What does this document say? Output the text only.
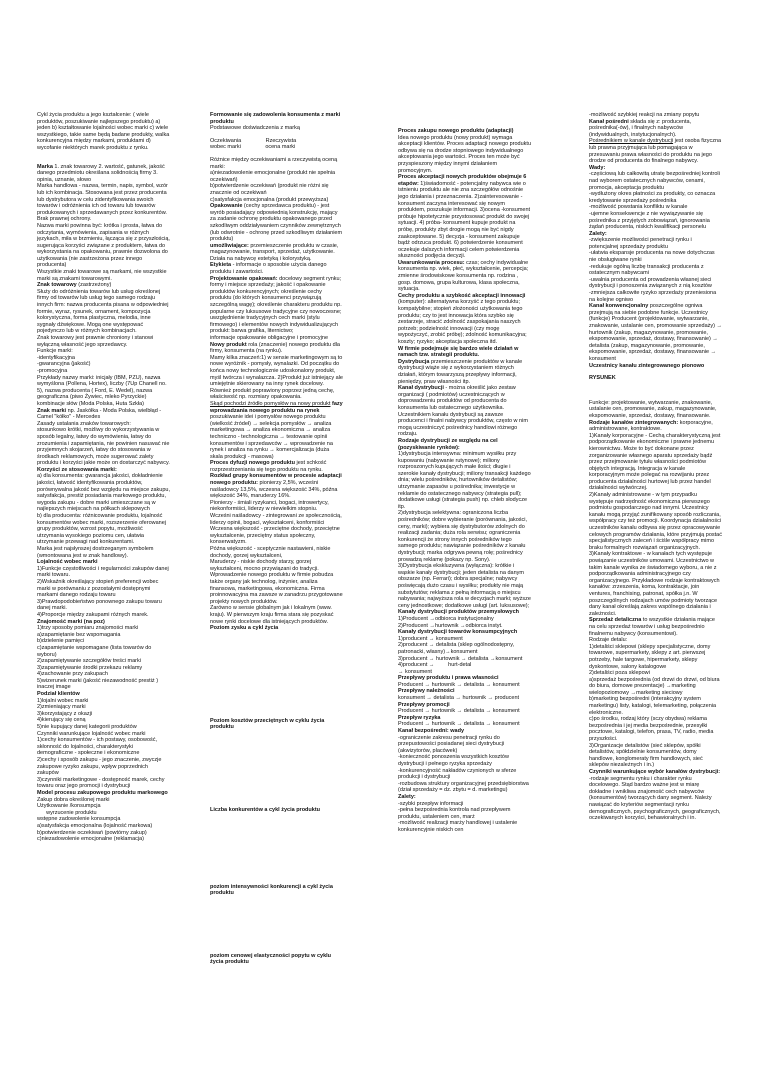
Cykl życia produktu a jego kształcenie: ( wiele produktów, poszukiwanie najlepszego produktu) a) jeden b) kształtowanie lojalności wobec marki c) wiele wszystkiego, takie same będą badane produkty, walka konkurencyjna między markami, produktami d) wycofanie niektórych marek produktu z rynku.

Marka 1. znak towarowy 2. wartość, gatunek, jakość danego przedmiotu określana solidnością firmy 3. opinia, uznanie, słowo
Marka handlowa - nazwa, termin, napis, symbol, wzór lub ich kombinacja. Stosowana jest przez producenta lub dystrybutora w celu zidentyfikowania swoich towarów i odróżnienia ich od towaru lub towarów produkowanych i sprzedawanych przez konkurentów. Brak prawnej ochrony.
Nazwa marki powinna być: krótka i prosta, łatwa do odczytania, wymówienia, zapisania w różnych językach, miła w brzmieniu, łącząca się z przyszłością, sugerująca korzyści związane z produktem, łatwa do wykorzystania na opakowaniu, prawnie dozwolona do użytkowania (nie zastrzeżona przez innego producenta)
Wszystkie znaki towarowe są markami, nie wszystkie marki są znakami towarowymi.

Znak towarowy (zastrzeżony)
Służy do odróżnienia towarów lub usług określonej firmy od towarów lub usług tego samego rodzaju innych firm: nazwa producenta pisana w odpowiedniej formie, wyraz, rysunek, ornament, kompozycja kolorystyczna, forma plastyczna, melodia, inne sygnały dźwiękowe. Mogą one występować pojedynczo lub w różnych kombinacjach.
Znak towarowy jest prawnie chroniony i stanowi wyłączną własność jego sprzedawcy.
Funkcje marki:
-identyfikacyjna
-gwarancyjna (jakość)
-promocyjna
Przykłady nazwy marki: inicjały (IBM, PZU), nazwa wymyślona (Pollena, Hortex), liczby (7Up Chanell no. 5), nazwa producenta ( Ford, E. Wedel), nazwa geograficzna (piwo Żywiec, mleko Pyrzyckie) kombinacje słów (Moda Polska, Huta Szkła)

Znak marki np. Jaskółka - Moda Polska, wielbłąd - Camel "kółko" - Mercedes
Zasady ustalania znaków towarowych:
stosunkowo krótki, możliwy do wykorzystywania w sposób legalny, łatwy do wymówienia, łatwy do zrozumienia i zapamiętania, nie powinien nasuwać nie przyjemnych skojarzeń, łatwy do stosowania w środkach reklamowych, może sugerować zalety produktu i korzyści jakie może on dostarczyć nabywcy.

Korzyści ze stosowania marki:

a) dla konsumenta: gwarancja jakości, dokładnienie jakości, łatwość identyfikowania produktów, porównywalna jakość bez względu na miejsce zakupu, satysfakcja, prestiż posiadania markowego produktu, wygoda zakupu - dobre marki umieszczane są w najlepszych miejscach na półkach sklepowych
b) dla producenta: różnicowanie produktu, lojalność konsumentów wobec marki, rozszerzenie oferowanej grupy produktów, wzrost popytu, możliwość utrzymania wysokiego poziomu cen, ułatwia utrzymanie przewagi nad konkurentami.
Marka jest najsłynszej dostrzeganym symbolem (wmontowana jest w znak handlowy).

Lojalność wobec marki

1)Funkcje częstotliwości i regularności zakupów danej marki towaru.
2)Wskaźnik określający stopień preferencji wobec marki w porównaniu z pozostałymi dostępnymi markami danego rodzaju towaru
3)Prawdopodobieństwo ponownego zakupu towaru danej marki.
4)Proporcje między zakupami różnych marek.

Znajomość marki (na poz)

1)trzy sposoby pomiaru znajomości marki
a)zapamiętanie bez wspomagania
b)dzielenie pamięci
c)zapamiętanie wspomagane (lista towarów do wyboru)
2)zapamiętywanie szczegółów treści marki
3)zapamiętywanie środki przekazu reklamy
4)zachowanie przy zakupach
5)wizerunek marki (jakość niezawodność prestiż ) inaczej image

Podział klientów

1)lojalni wobec marki
2)zmieniający marki
3)korzystający z okazji
4)kierujący się ceną
5)nie kupujący danej kategorii produktów
Czynniki warunkujące lojalność wobec marki
1)cechy konsumentów - ich postawy, osobowość, skłonność do lojalności, charakterystyki demograficzne - społeczne i ekonomiczne
2)cechy i sposób zakupu - jego znaczenie, zwyczje zakupowe ryzyko zakupu, wpływ poprzednich zakupów
3)czynniki marketingowe - dostępność marek, cechy towaru oraz jego promocji i dystrybucji

Model procesu zakupowego produktu markowego

Zakup dobra określonej marki
Użytkowanie /konsumpcja
wyrzucenie produktu
wstępne zadowolenie konsumpcja
a)satysfakcja emocjonalna (lojalność markowa)
b)potwierdzenie oczekiwań (powtórny zakup)
c)niezadowolenie emocjonalne (reklamacja)

Formowanie się zadowolenia konsumenta z marki produktu

Podstawowe doświadczenia z marką

Oczekiwania                Rzeczywista
wobec marki                ocena marki

Różnice między oczekiwaniami a rzeczywistą oceną marki:
a)niezadowolenie emocjonalne (produkt nie spełnia oczekiwań)
b)potwierdzenie oczekiwań (produkt nie różni się znacznie od oczekiwań
c)satysfakcja emocjonalna (produkt przewyższa)

Opakowanie (cechy sprzedawca produktu) - jest wyrób posiadający odpowiednią konstrukcję, mający za zadanie ochronę produktu opakowanego przed szkodliwym oddziaływaniem czynników zewnętrznych (lub odwrotnie - ochronę przed szkodliwym działaniem produktu)

umożliwiające: przemieszczenie produktu w czasie, magazynowanie, transport, sprzedaż, użytkowanie. Działa na nabywcę estetyką i kolorystyką.

Etykieta - informacje o sposobie użycia danego produktu i zawartości.

Projektowanie opakowań: docelowy segment rynku; formy i miejsce sprzedaży; jakość i opakowanie produktów konkurencyjnych; określenie cechy produktu (do których konsumenci przywiązują szczególną wagę); określenie charakteru produktu np. popularne czy luksusowe tradycyjne czy nowoczesne; uwzględnienie tradycyjnych cech marki (stylu firmowego) i elementów nowych indywidualizujących produkt: barwa grafika, liternictwo;
informacje opakowanie obligacyjne i promocyjne

Nowy produkt rola (znaczenie) nowego produktu dla firmy, konsumenta (na rynku).
Mamy kilka znaczeń:1) w sensie marketingowym są to nowe wyróżnik - pomysły, wynalazki. Od początku do końca nowy technologicznie udoskonalony produkt, myśl twórcza i wynalazcza. 2)Produkt już istniejący ale umiejętnie skierowany na inny rynek docelowy. Również produkt poprawiony poprzez jedną cechę, właściwość np. rozmiary opakowania.

Skąd pochodzi źródło pomysłów na nowy produkt fazy wprowadzania nowego produktu na rynek poszukiwanie idei i pomysłów nowego produktu (wielkość źródeł) → selekcja pomysłów → analiza marketingowa → analiza ekonomiczna → analiza techniczno - technologiczna → testowanie opinii konsumentów i sprzedawców → wprowadzenie na rynek i analiza na rynku → komercjalizacja (duża skala produkcji - masowa)

Proces dyfuzji nowego produktu jest schkość rozprzestrzeniania się tego produktu na rynku.

Rozkład grupy konsumentów w procesie adaptacji nowego produktu: pionierzy 2,5%, wcześni naśladowcy 13,5%, wczesna większość 34%, późna większość 34%, maruderzy 16%.
Pionierzy - śmiali ryzykanci, bogaci, introwertycy, niekonformiści, liderzy w niewielkim stopniu.
Wcześni naśladowcy - zintegrowani ze społecznością, liderzy opinii, bogaci, wykształceni, konformiści
Wczesna większość - przeciętne dochody, przeciętne wykształcenie, przeciętny status społeczny, konserwatyzm.
Późna większość - sceptycznie nastawieni, niskie dochody, gorzej wykształceni,
Maruderzy - niskie dochody starzy, gorzej wykształceni, mocno przywiązani do tradycji.
Wprowadzenie nowego produktu w firmie pobudza także organy jak technolog, inżynier, analiza finansowa, marketingowa, ekonomiczna. Firma proinnowacyjna ma zawsze w zanadrzu przygotowane projekty nowych produktów.
Zarówno w sensie globalnym jak i lokalnym (www. kraju). W pierwszym kraju firma stara się pozyskać nowe rynki docelowe dla istniejących produktów.

Poziom zysku a cykl życia

Poziom kosztów przeciętnych w cyklu życia produktu

Liczba konkurentów a cykl życia produktu

poziom intensywności konkurencji a cykl życia produktu

poziom cenowej elastyczności popytu w cyklu życia produktu

Proces zakupu nowego produktu (adaptacji)

Idea nowego produktu (nowy produkt) wymaga akceptacji klientów. Proces adaptacji nowego produktu odbywa się na drodze stopniowego indywidualnego akceptowania jego wartości. Proces ten może być przyspieszony między innymi działaniem promocyjnym.

Proces akceptacji nowych produktów obejmuje 6 etapów: 1)świadomość - potencjalny nabywca wie o istnieniu produktu ale nie zna szczegółów odnośnie jego działania i przeznaczenia. 2)zainteresowanie - konsument zaczyna interesować się nowym produktem, poszukuje informacji. 3)ocena -konsument próbuje hipotetycznie przystosować produkt do swojej sytuacji. 4) próba- konsument kupuje produkt na próbę, produkty zbyt drogie mogą nie być nigdy zaakceptowane. 5) decyzja - konsument zakupuje bądź odrzuca produkt. 6) potwierdzenie konsument oczekuje dalszych informacji celem potwierdzenia słuszności podjęcia decyzji.

Uwarunkowania procesu: czas; cechy indywidualne konsumenta np. wiek, płeć, wykształcenie, percepcja; zmienne środowiskowe konsumenta np. rodzina , gosp. domowa, grupa kulturowa, klasa społeczna, sytuacja.

Cechy produktu a szybkość akceptacji innowacji (komputer): alternatywna korzyść z tego produktu; kompatybilne; stopień złożoności użytkowania tego produktu; czy to jest innowacja która szybko się zestarzeje, stracić zdolność zaspokajania naszych potrzeb; podzielność innowacji (czy mogę wypożyczyć, zrobić próbę); zdolność komunikacyjna; koszty; ryzyko; akceptacja społeczna itd.

W firmie podejmuje się bardzo wiele działań w ramach tzw. strategii produktu.

Dystrybucja przemieszczenie produktów w kanale dystrybucji wiąże się z wykorzystaniem różnych działań, którym towarzyszą przepływy informacji, pieniędzy, praw własności itp.

Kanał dystrybucji - można określić jako zestaw organizacji ( podmiotów) uczestniczących w doprowadzeniu produktów od producenta do konsumenta lub ostatecznego użytkownika. Uczestnikiem kanału dystrybucji są zawsze producenci i finalni nabywcy produktów, często w nim mogą uczestniczyć pośrednicy handlowi różnego rodzaju.

Rodzaje dystrybucji ze względu na cel (pozyskiwanie rynków):

1)dystrybucja intensywna: minimum wysiłku przy kupowaniu (nabywanie rutynowe); miliony rozproszonych kupujących małe ilości; długie i szerokie kanały dystrybucji; miliony transakcji każdego dnia; wielu pośredników, hurtowników detalistów; utrzymanie zapasów u pośrednika; inwestycje w reklamie do ostatecznego nabywcy (strategia pull); dodatkowe usługi (strategia push) np. chleb słodycze itp.
2)dystrybucja selektywna: ograniczona liczba pośredników; dobre wybieranie (porównania, jakości, ceny, marki); wybiera się dystrybutorów zdolnych do realizacji zadania; duża rola serwisu; ograniczenia konkurencji że strony innych pośredników tego samego produktu; nawiązanie pośredników z kanału dystrybucji; marka odgrywa pewną rolę; pośrednicy prowadzą reklamę (pokazy np. Sony).
3)Dystrybucja ekskluzywna (wyłączna): krótkie i wąskie kanały dystrybucji; jeden detalista na danym obszarze (np. Ferrari); dobra specjalne; nabywcy poświęcają dużo czasu i wysiłku; produkty nie mają substytutów; reklama z pełną informacją o miejscu nabywania; najwyższa rola w decyzjach marki; wyższe ceny jednostkowe; dodatkowe usługi (art. luksusowe);

Kanały dystrybucji produktów przemysłowych

1)Producent →odbiorca instytucjonalny
2)Producent →hurtownik →odbiorca instyt.

Kanały dystrybucji towarów konsumpcyjnych

1)producent → konsument
2)producent → detalista (sklep ogólnodostępny, patronacki, własny)→konsument
3)producent → hurtownik → detalista →konsument
4)producent →         hurt-detal
→ konsument

Przepływy produktu i prawa własności

Producent → hurtownik → detalista → konsument

Przepływy należności

konsument → detalista → hurtownik → producent

Przepływy promocji

Producent → hurtownik → detalista → konsument

Przepływ ryzyka

Producent → hurtownik → detalista → konsument

Kanał bezpośredni: wady

-ograniczenie zakresu penetracji rynku do przepustowości posiadanej sieci dystrybucji (akwizytorów, placówek)
-konieczność ponoszenia wszystkich kosztów dystrybucji i pełnego ryzyka sprzedaży
-konkurencyjność nakładów czynionych w sferze produkcji i dystrybucji
-rozbudowa struktury organizacyjnej przedsiębiorstwa (dział sprzedaży = dz. zbytu = d. marketingu)

Zalety:

-szybki przepływ informacji
-pełna bezpośrednia kontrola nad przepływem produktu, ustaleniem cen, marż
-możliwość realizacji marży handlowej i ustalenie konkurencyjnie niskich cen

-możliwość szybkiej reakcji na zmiany popytu

Kanał pośredni składa się z: producenta, pośrednika(-ów), i finalnych nabywców (indywidualnych, instytucjonalnych).

Pośrednikiem w kanale dystrybucji jest osoba fizyczna lub prawna przyjmująca lub pomagająca w przesuwaniu prawa własności do produktu na jego drodze od producenta do finalnego nabywcy.

Wady:

-częściową lub całkowitą utratę bezpośredniej kontroli nad wyborem ostatecznych nabywców, cenami, promocja, akceptacja produktu
-wydłużony okres płatności za produkty, co oznacza kredytowanie sprzedaży pośrednika
-możliwość powstania konfliktu w kanale
-ujemne konsekwencje z nie wywiązywanie się pośrednika z przyjętych zobowiązań, ignorowania żądań producenta, niskich kwalifikacji personelu

Zalety:

-zwiększenie możliwości penetracji rynku i potencjalnej sprzedaży produktu
-ułatwia ekspansje producenta na nowe dotychczas nie obsługiwane rynki
-redukuje ogólną liczbę transakcji producenta z ostatecznym nabywcami
-uwalnia producenta od prowadzenia własnej sieci dystrybucji i ponoszenia związanych z nią kosztów
-zmniejsza całkowite ryzyko sprzedaży przeniesiona na kolejne ogniwo

Kanał konwencjonalny poszczególne ogniwa przejmują na siebie podobne funkcje. Uczestnicy (funkcje) Producent (projektowanie, wytwarzanie, znakowanie, ustalanie cen, promowanie sprzedaży) → hurtownik (zakup, magazynowanie, promowanie, ekspomowanie, sprzedaż, dostawy, finansowanie) → detalista (zakup, magazynowanie, promowanie, ekspomowanie, sprzedaż, dostawy, finansowanie → konsument

Uczestnicy kanału zintegrowanego pionowo

RYSUNEK

Funkcje: projektowanie, wytwarzanie, znakowanie, ustalanie cen, promowanie, zakup, magazynowanie, ekspomowanie, sprzedaż, dostawy, finansowanie.

Rodzaje kanałów zintegrowanych: korporacyjne, administrowane, kontraktowe.
1)Kanały korporacyjne - Cechą charakterystyczną jest podporządkowanie ekonomiczne i prawne jednemu kierownictwu. Może to być dokonane przez zorganizowanie własnego aparatu sprzedaży bądź przez przejmowanie tytułu własności podmiotów objętych integracją. Integracja w kanale korporacyjnym może polegać na rozwijaniu przez producenta działalności hurtowej lub przez handel działalności wytwórczej.
2)Kanały administrowane - w tym przypadku występuje nadrzędność ekonomiczna pierwszego podmiotu gospodarczego nad innymi. Uczestnicy kanału mogą przyjąć zunifikowany sposób rozliczania, współpracy czy też promocji. Koordynacja działalności uczestników kanału odbywa się przez opracowywanie celowych programów działania, które przyjmują postać specjalistycznych zaleceń i ściśle współpracy mimo braku formalnych rozwiązań organizacyjnych.
3)Kanały kontraktowe - w kanałach tych występuje powiązanie uczestników umowami. Uczestnictwo w takim kanale wynika ze świadomego wyboru, a nie z podporządkowania administracyjnego czy organizacyjnego. Przykładowe rodzaje kontraktowych kanałów: zrzeszenia, koma, kontraktacje, join ventures, franchising, patronat, spółka j.n. W poszczególnych rodzajach umów podmioty tworzące dany kanał określają zakres wspólnego działania i zależności.

Sprzedaż detaliczna to wszystkie działania mające na celu sprzedaż towarów i usług bezpośrednio finalnemu nabywcy (konsumentowi).
Rodzaje detalu:
1)detaliści sklepowi (sklepy specjalistyczne, domy towarowe, supermarkety, sklepy z art. pierwszej potrzeby, hale targowe, hipermarkety, sklepy dyskontowe, salony katalogowe
2)detaliści poza sklepowi
a)sprzedaż bezpośrednia (od drzwi do drzwi, od biura do biura, domowe prezentacje) →marketing wielopoziomowy →marketing sieciowy
b)marketing bezpośredni (interakcyjny system marketingu) listy, katalogi, telemarketing, połączenia elektroniczne.
c)po środku, rodzaj który (sczy obydwa) reklama bezpośrednia i jej media bezpośrednie, przesyłki pocztowe, katalogi, telefon, prasa, TV, radio, media przyszłości.
3)Organizacje detalistów (sieć sklepów, spółki detalistów, spółdzielnie konsumentów, domy handlowe, konglomeraty firm handlowych, sieć sklepów niezależnych i in.)

Czynniki warunkujące wybór kanałów dystrybucji:

-rodzaje segmentu rynku i charakter rynku docelowego. Stąd bardzo ważne jest w miarę dokładne i wnikliwa znajomość cech nabywców (konsumentów) tworzących dany segment. Należy nawiązać do kryteriów segmentacji rynku demograficznych, psychograficznych, geograficznych, oczekiwanych korzyści, behawioralnych i in.
